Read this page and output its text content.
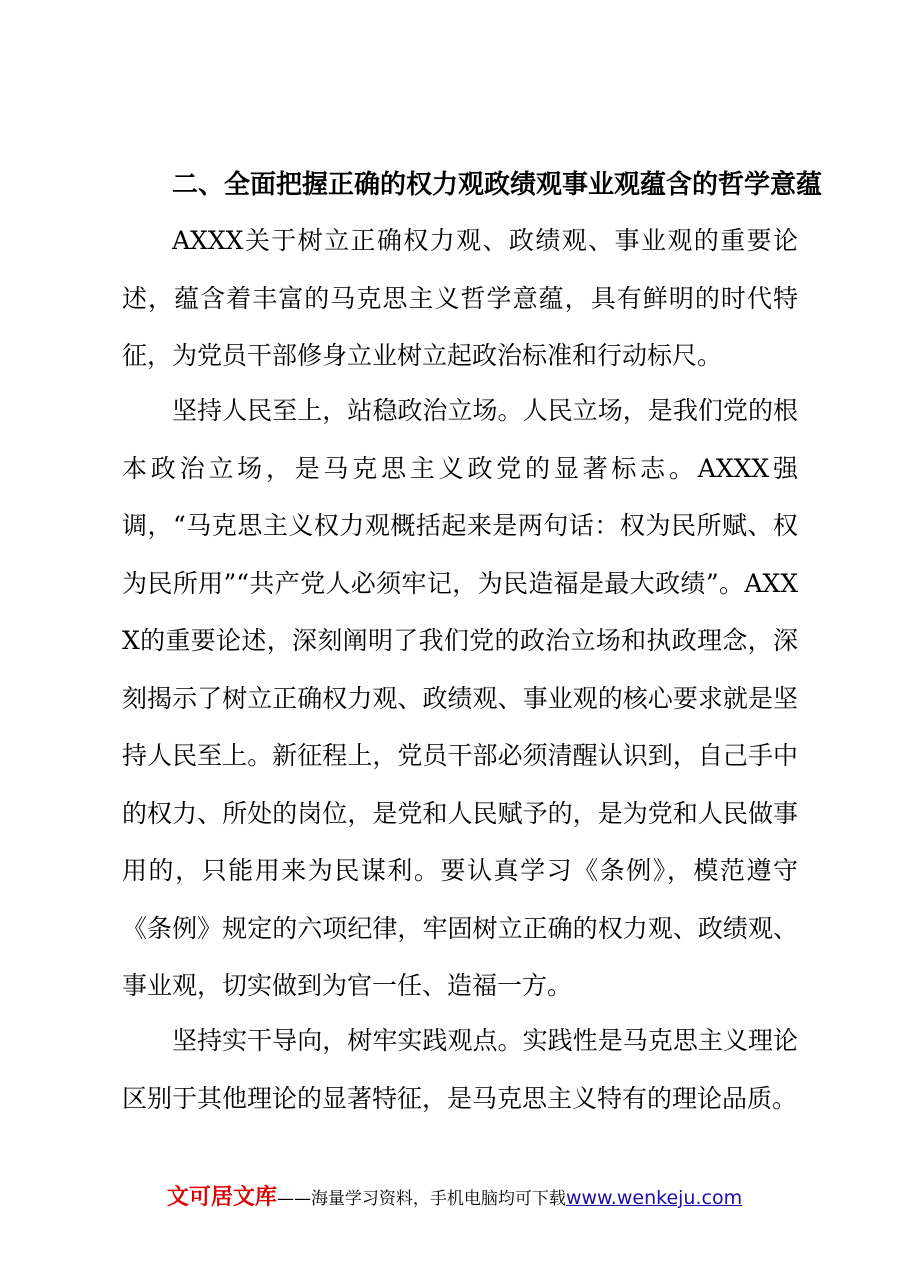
二、全面把握正确的权力观政绩观事业观蕴含的哲学意蕴

AXXX关于树立正确权力观、政绩观、事业观的重要论述，蕴含着丰富的马克思主义哲学意蕴，具有鲜明的时代特征，为党员干部修身立业树立起政治标准和行动标尺。

坚持人民至上，站稳政治立场。人民立场，是我们党的根本政治立场，是马克思主义政党的显著标志。AXXX强调，“马克思主义权力观概括起来是两句话：权为民所赋、权为民所用”“共产党人必须牢记，为民造福是最大政绩”。AXXX的重要论述，深刻阐明了我们党的政治立场和执政理念，深刻揭示了树立正确权力观、政绩观、事业观的核心要求就是坚持人民至上。新征程上，党员干部必须清醒认识到，自己手中的权力、所处的岗位，是党和人民赋予的，是为党和人民做事用的，只能用来为民谋利。要认真学习《条例》，模范遵守《条例》规定的六项纪律，牢固树立正确的权力观、政绩观、事业观，切实做到为官一任、造福一方。

坚持实干导向，树牢实践观点。实践性是马克思主义理论区别于其他理论的显著特征，是马克思主义特有的理论品质。

文可居文库——海量学习资料，手机电脑均可下载www.wenkeju.com
